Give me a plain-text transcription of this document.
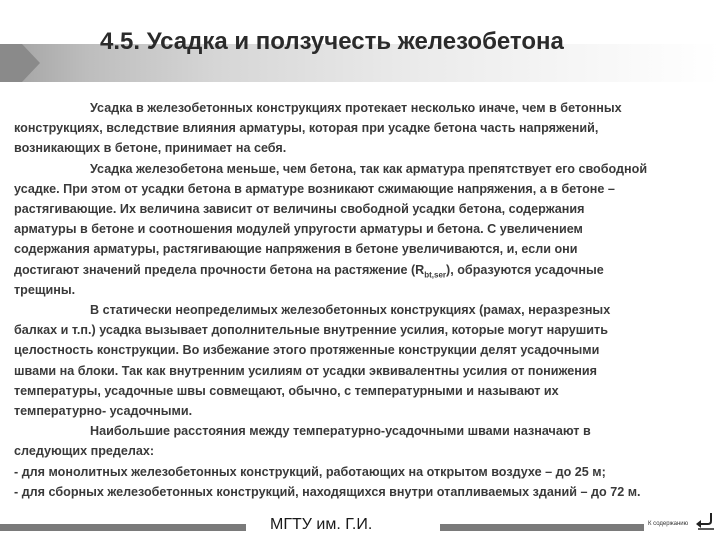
4.5. Усадка и ползучесть железобетона
Усадка в железобетонных конструкциях протекает несколько иначе, чем в бетонных
конструкциях, вследствие влияния арматуры, которая при усадке бетона часть напряжений,
возникающих в бетоне, принимает на себя.
Усадка железобетона меньше, чем бетона, так как арматура препятствует его свободной
усадке. При этом от усадки бетона в арматуре возникают сжимающие напряжения, а в бетоне –
растягивающие. Их величина зависит от величины свободной усадки бетона, содержания
арматуры в бетоне и соотношения модулей упругости арматуры и бетона. С увеличением
содержания арматуры, растягивающие напряжения в бетоне увеличиваются, и, если они
достигают значений предела прочности бетона на растяжение $(R_{bt,ser})$, образуются усадочные
трещины.
В статически неопределимых железобетонных конструкциях (рамах, неразрезных
балках и т.п.) усадка вызывает дополнительные внутренние усилия, которые могут нарушить
целостность конструкции. Во избежание этого протяженные конструкции делят усадочными
швами на блоки. Так как внутренним усилиям от усадки эквивалентны усилия от понижения
температуры, усадочные швы совмещают, обычно, с температурными и называют их
температурно- усадочными.
Наибольшие расстояния между температурно-усадочными швами назначают в
следующих пределах:
- для монолитных железобетонных конструкций, работающих на открытом воздухе – до 25 м;
- для сборных железобетонных конструкций, находящихся внутри отапливаемых зданий – до 72 м.
МГТУ им. Г.И.	К содержанию
